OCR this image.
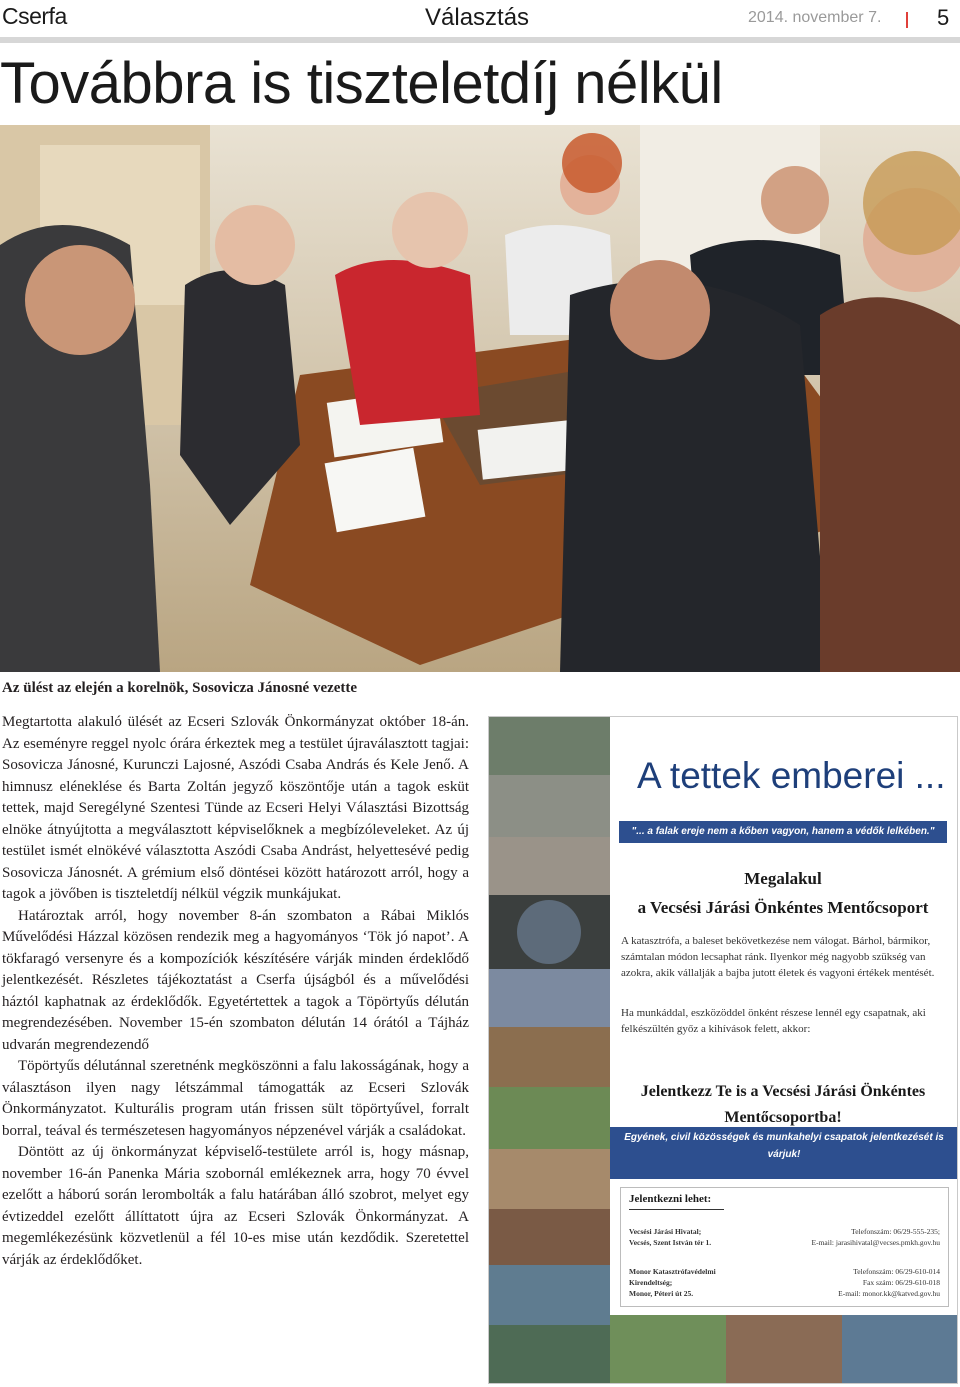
Cserfa	Választás	2014. november 7.	5
Továbbra is tiszteletdíj nélkül
Az ülést az elején a korelnök, Sosovicza Jánosné vezette

Megtartotta alakuló ülését az Ecseri Szlovák Önkormányzat október 18-án. Az eseményre reggel nyolc órára érkeztek meg a testület újraválasztott tagjai: Sosovicza Jánosné, Kurunczi Lajosné, Aszódi Csaba András és Kele Jenő. A himnusz eléneklése és Barta Zoltán jegyző köszöntője után a tagok esküt tettek, majd Seregélyné Szentesi Tünde az Ecseri Helyi Választási Bizottság elnöke átnyújtotta a megválasztott képviselőknek a megbízóleveleket. Az új testület ismét elnökévé választotta Aszódi Csaba Andrást, helyettesévé pedig Sosovicza Jánosnét. A grémium első döntései között határozott arról, hogy a tagok a jövőben is tiszteletdíj nélkül végzik munkájukat.

Határoztak arról, hogy november 8-án szombaton a Rábai Miklós Művelődési Házzal közösen rendezik meg a hagyományos ‘Tök jó napot’. A tökfaragó versenyre és a kompozíciók készítésére várják minden érdeklődő jelentkezését. Részletes tájékoztatást a Cserfa újságból és a művelődési háztól kaphatnak az érdeklődők. Egyetértettek a tagok a Töpörtyűs délután megrendezésében. November 15-én szombaton délután 14 órától a Tájház udvarán megrendezendő

Töpörtyűs délutánnal szeretnénk megköszönni a falu lakosságának, hogy a választáson ilyen nagy létszámmal támogatták az Ecseri Szlovák Önkormányzatot. Kulturális program után frissen sült töpörtyűvel, forralt borral, teával és természetesen hagyományos népzenével várják a családokat.

Döntött az új önkormányzat képviselő-testülete arról is, hogy másnap, november 16-án Panenka Mária szobornál emlékeznek arra, hogy 70 évvel ezelőtt a háború során lerombolták a falu határában álló szobrot, melyet egy évtizeddel ezelőtt állíttatott újra az Ecseri Szlovák Önkormányzat. A megemlékezésünk közvetlenül a fél 10-es mise után kezdődik. Szeretettel várják az érdeklődőket.

A tettek emberei ...
"... a falak ereje nem a kőben vagyon, hanem a védők lelkében."
Megalakul
a Vecsési Járási Önkéntes Mentőcsoport
A katasztrófa, a baleset bekövetkezése nem válogat. Bárhol, bármikor, számtalan módon lecsaphat ránk. Ilyenkor még nagyobb szükség van azokra, akik vállalják a bajba jutott életek és vagyoni értékek mentését.
Ha munkáddal, eszközöddel önként részese lennél egy csapatnak, aki felkészültén győz a kihívások felett, akkor:
Jelentkezz Te is a Vecsési Járási Önkéntes
Mentőcsoportba!
Egyének, civil közösségek és munkahelyi csapatok jelentkezését is
várjuk!
Jelentkezni lehet:
Vecsési Járási Hivatal;
Vecsés, Szent István tér 1.
Telefonszám: 06/29-555-235;
E-mail: jarasihivatal@vecses.pmkh.gov.hu
Monor Katasztrófavédelmi
Kirendeltség;
Monor, Péteri út 25.
Telefonszám: 06/29-610-014
Fax szám: 06/29-610-018
E-mail: monor.kk@katved.gov.hu
